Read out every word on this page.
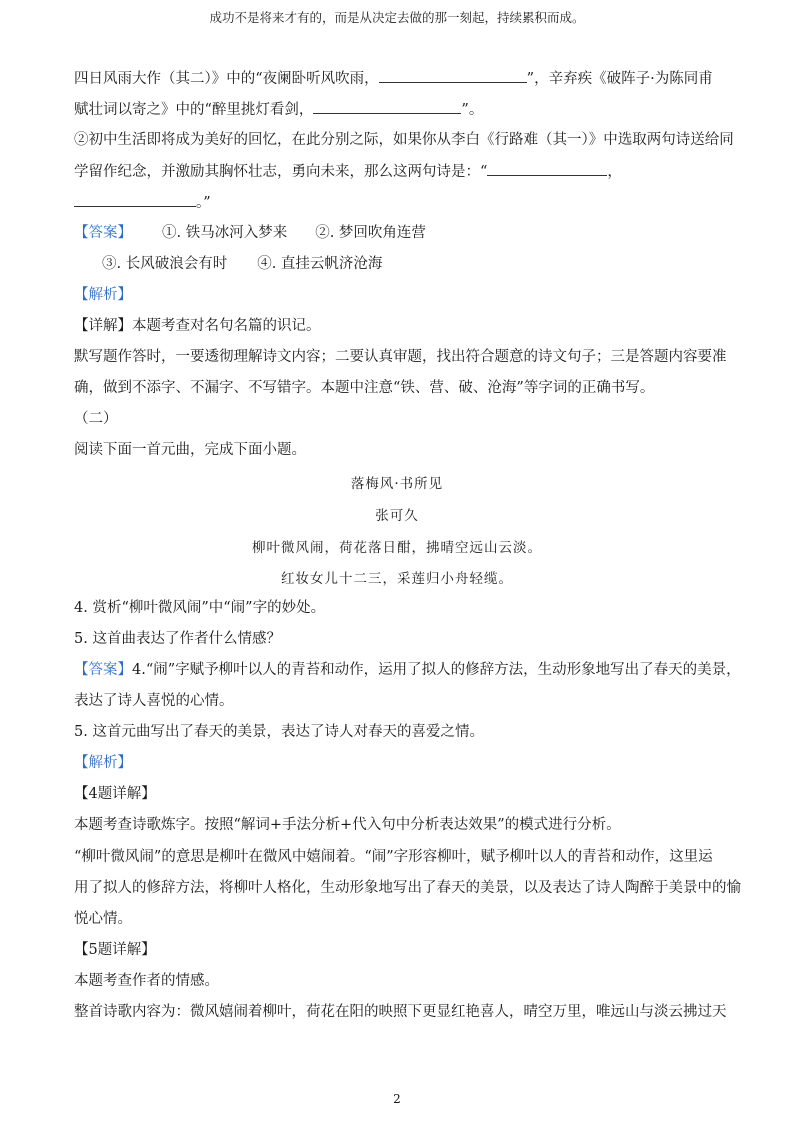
成功不是将来才有的，而是从决定去做的那一刻起，持续累积而成。
四日风雨大作（其二）》中的“夜阑卧听风吹雨，	”，辛弃疾《破阵子·为陈同甫
赋壮词以寄之》中的“醉里挑灯看剑，	”。
②初中生活即将成为美好的回忆，在此分别之际，如果你从李白《行路难（其一）》中选取两句诗送给同
学留作纪念，并激励其胸怀壮志，勇向未来，那么这两句诗是：“	，
。”
【答案】 ①. 铁马冰河入梦来 ②. 梦回吹角连营
③. 长风破浪会有时 ④. 直挂云帆济沧海
【解析】
【详解】本题考查对名句名篇的识记。
默写题作答时，一要透彻理解诗文内容；二要认真审题，找出符合题意的诗文句子；三是答题内容要准
确，做到不添字、不漏字、不写错字。本题中注意“铁、营、破、沧海”等字词的正确书写。
（二）
阅读下面一首元曲，完成下面小题。
落梅风·书所见
张可久
柳叶微风闹，荷花落日酣，拂晴空远山云淡。
红妆女儿十二三，采莲归小舟轻缆。
4. 赏析“柳叶微风闹”中“闹”字的妙处。
5. 这首曲表达了作者什么情感？
【答案】4.“闹”字赋予柳叶以人的青苔和动作，运用了拟人的修辞方法，生动形象地写出了春天的美景，
表达了诗人喜悦的心情。
5. 这首元曲写出了春天的美景，表达了诗人对春天的喜爱之情。
【解析】
【4题详解】
本题考查诗歌炼字。按照“解词+手法分析+代入句中分析表达效果”的模式进行分析。
“柳叶微风闹”的意思是柳叶在微风中嬉闹着。“闹”字形容柳叶，赋予柳叶以人的青苔和动作，这里运
用了拟人的修辞方法，将柳叶人格化，生动形象地写出了春天的美景，以及表达了诗人陶醉于美景中的愉
悦心情。
【5题详解】
本题考查作者的情感。
整首诗歌内容为：微风嬉闹着柳叶，荷花在阳的映照下更显红艳喜人，晴空万里，唯远山与淡云拂过天
2
